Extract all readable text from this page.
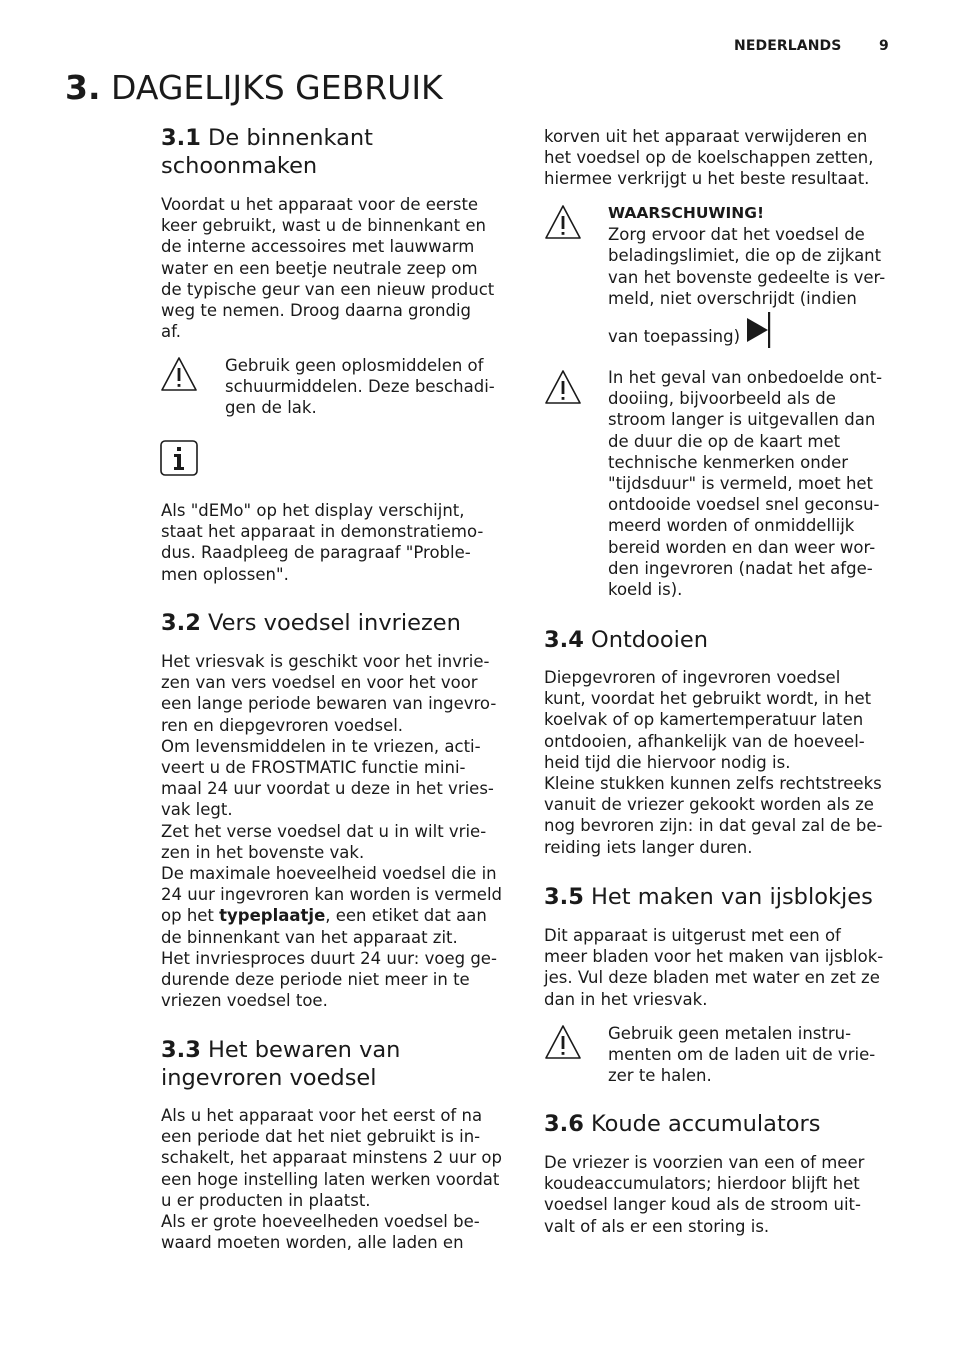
NEDERLANDS	9
3. DAGELIJKS GEBRUIK
3.1 De binnenkant
schoonmaken
Voordat u het apparaat voor de eerste
keer gebruikt, wast u de binnenkant en
de interne accessoires met lauwwarm
water en een beetje neutrale zeep om
de typische geur van een nieuw product
weg te nemen. Droog daarna grondig
af.
Gebruik geen oplosmiddelen of
schuurmiddelen. Deze beschadi-
gen de lak.
Als "dEMo" op het display verschijnt,
staat het apparaat in demonstratiemo-
dus. Raadpleeg de paragraaf "Proble-
men oplossen".
3.2 Vers voedsel invriezen
Het vriesvak is geschikt voor het invrie-
zen van vers voedsel en voor het voor
een lange periode bewaren van ingevro-
ren en diepgevroren voedsel.
Om levensmiddelen in te vriezen, acti-
veert u de FROSTMATIC functie mini-
maal 24 uur voordat u deze in het vries-
vak legt.
Zet het verse voedsel dat u in wilt vrie-
zen in het bovenste vak.
De maximale hoeveelheid voedsel die in
24 uur ingevroren kan worden is vermeld
op het typeplaatje, een etiket dat aan
de binnenkant van het apparaat zit.
Het invriesproces duurt 24 uur: voeg ge-
durende deze periode niet meer in te
vriezen voedsel toe.
3.3 Het bewaren van
ingevroren voedsel
Als u het apparaat voor het eerst of na
een periode dat het niet gebruikt is in-
schakelt, het apparaat minstens 2 uur op
een hoge instelling laten werken voordat
u er producten in plaatst.
Als er grote hoeveelheden voedsel be-
waard moeten worden, alle laden en
korven uit het apparaat verwijderen en
het voedsel op de koelschappen zetten,
hiermee verkrijgt u het beste resultaat.
WAARSCHUWING!
Zorg ervoor dat het voedsel de
beladingslimiet, die op de zijkant
van het bovenste gedeelte is ver-
meld, niet overschrijdt (indien
van toepassing)
In het geval van onbedoelde ont-
dooiing, bijvoorbeeld als de
stroom langer is uitgevallen dan
de duur die op de kaart met
technische kenmerken onder
"tijdsduur" is vermeld, moet het
ontdooide voedsel snel geconsu-
meerd worden of onmiddellijk
bereid worden en dan weer wor-
den ingevroren (nadat het afge-
koeld is).
3.4 Ontdooien
Diepgevroren of ingevroren voedsel
kunt, voordat het gebruikt wordt, in het
koelvak of op kamertemperatuur laten
ontdooien, afhankelijk van de hoeveel-
heid tijd die hiervoor nodig is.
Kleine stukken kunnen zelfs rechtstreeks
vanuit de vriezer gekookt worden als ze
nog bevroren zijn: in dat geval zal de be-
reiding iets langer duren.
3.5 Het maken van ijsblokjes
Dit apparaat is uitgerust met een of
meer bladen voor het maken van ijsblok-
jes. Vul deze bladen met water en zet ze
dan in het vriesvak.
Gebruik geen metalen instru-
menten om de laden uit de vrie-
zer te halen.
3.6 Koude accumulators
De vriezer is voorzien van een of meer
koudeaccumulators; hierdoor blijft het
voedsel langer koud als de stroom uit-
valt of als er een storing is.
